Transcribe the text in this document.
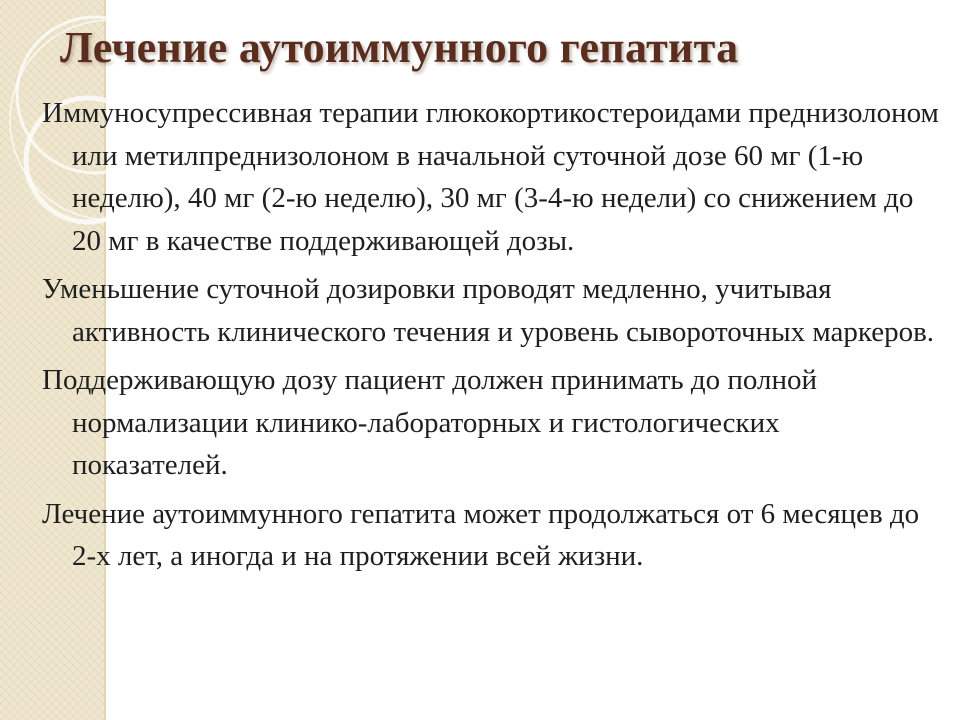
Лечение аутоиммунного гепатита
Иммуносупрессивная терапии глюкокортикостероидами преднизолоном или метилпреднизолоном в начальной суточной дозе 60 мг (1-ю неделю), 40 мг (2-ю неделю), 30 мг (3-4-ю недели) со снижением до 20 мг в качестве поддерживающей дозы.
Уменьшение суточной дозировки проводят медленно, учитывая активность клинического течения и уровень сывороточных маркеров.
Поддерживающую дозу пациент должен принимать до полной нормализации клинико-лабораторных и гистологических показателей.
Лечение аутоиммунного гепатита может продолжаться от 6 месяцев до 2-х лет, а иногда и на протяжении всей жизни.
